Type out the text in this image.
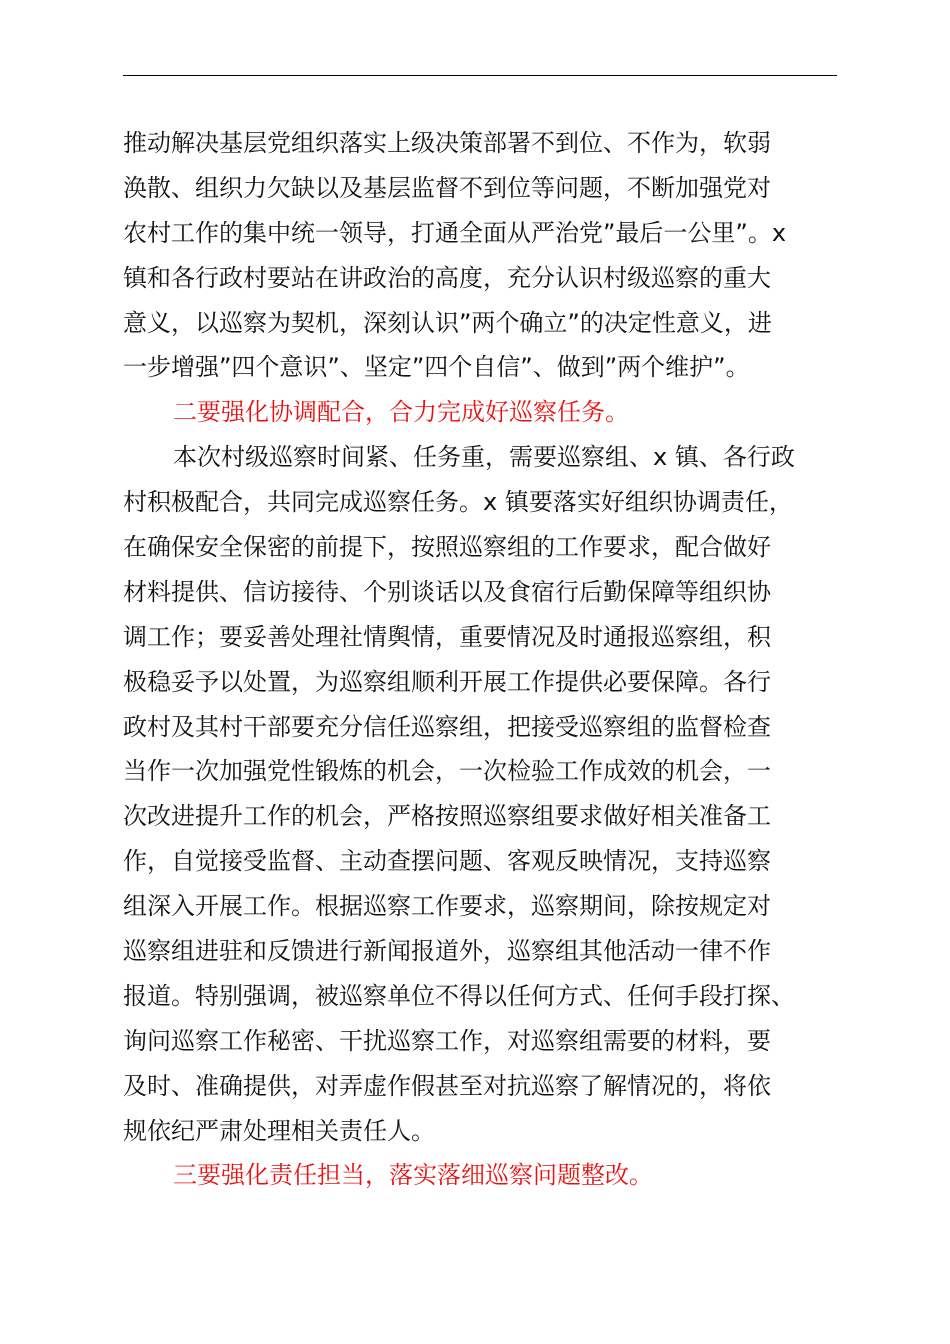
推动解决基层党组织落实上级决策部署不到位、不作为，软弱
涣散、组织力欠缺以及基层监督不到位等问题，不断加强党对
农村工作的集中统一领导，打通全面从严治党”最后一公里”。x
镇和各行政村要站在讲政治的高度，充分认识村级巡察的重大
意义，以巡察为契机，深刻认识”两个确立”的决定性意义，进
一步增强”四个意识”、坚定”四个自信”、做到”两个维护”。
二要强化协调配合，合力完成好巡察任务。
本次村级巡察时间紧、任务重，需要巡察组、x 镇、各行政
村积极配合，共同完成巡察任务。x 镇要落实好组织协调责任，
在确保安全保密的前提下，按照巡察组的工作要求，配合做好
材料提供、信访接待、个别谈话以及食宿行后勤保障等组织协
调工作；要妥善处理社情舆情，重要情况及时通报巡察组，积
极稳妥予以处置，为巡察组顺利开展工作提供必要保障。各行
政村及其村干部要充分信任巡察组，把接受巡察组的监督检查
当作一次加强党性锻炼的机会，一次检验工作成效的机会，一
次改进提升工作的机会，严格按照巡察组要求做好相关准备工
作，自觉接受监督、主动查摆问题、客观反映情况，支持巡察
组深入开展工作。根据巡察工作要求，巡察期间，除按规定对
巡察组进驻和反馈进行新闻报道外，巡察组其他活动一律不作
报道。特别强调，被巡察单位不得以任何方式、任何手段打探、
询问巡察工作秘密、干扰巡察工作，对巡察组需要的材料，要
及时、准确提供，对弄虚作假甚至对抗巡察了解情况的，将依
规依纪严肃处理相关责任人。
三要强化责任担当，落实落细巡察问题整改。
